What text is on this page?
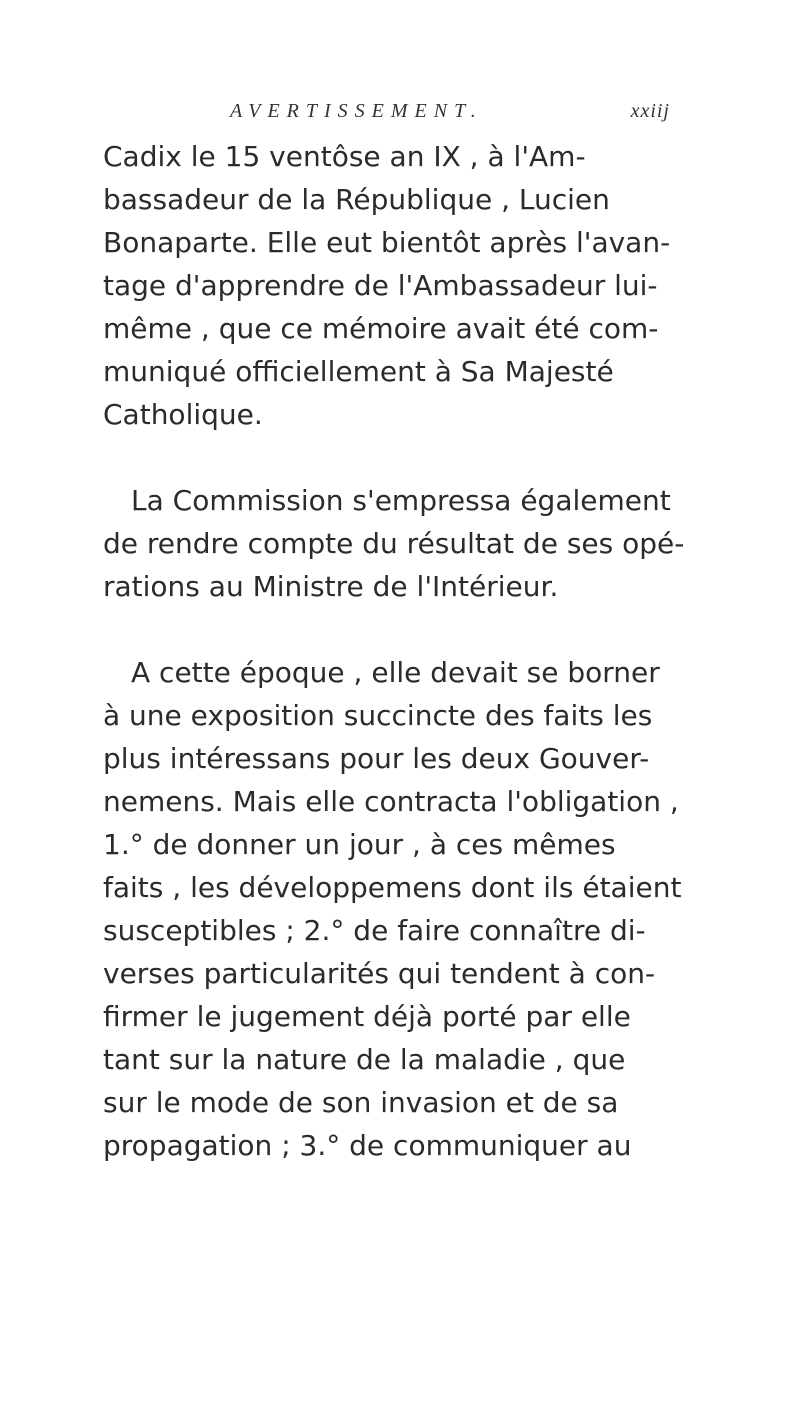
AVERTISSEMENT.	xxiij
Cadix le 15 ventôse an IX , à l'Am-
bassadeur de la République , Lucien
Bonaparte. Elle eut bientôt après l'avan-
tage d'apprendre de l'Ambassadeur lui-
même , que ce mémoire avait été com-
muniqué officiellement à Sa Majesté
Catholique.
La Commission s'empressa également
de rendre compte du résultat de ses opé-
rations au Ministre de l'Intérieur.
A cette époque , elle devait se borner
à une exposition succincte des faits les
plus intéressans pour les deux Gouver-
nemens. Mais elle contracta l'obligation ,
1.° de donner un jour , à ces mêmes
faits , les développemens dont ils étaient
susceptibles ; 2.° de faire connaître di-
verses particularités qui tendent à con-
firmer le jugement déjà porté par elle
tant sur la nature de la maladie , que
sur le mode de son invasion et de sa
propagation ; 3.° de communiquer au
